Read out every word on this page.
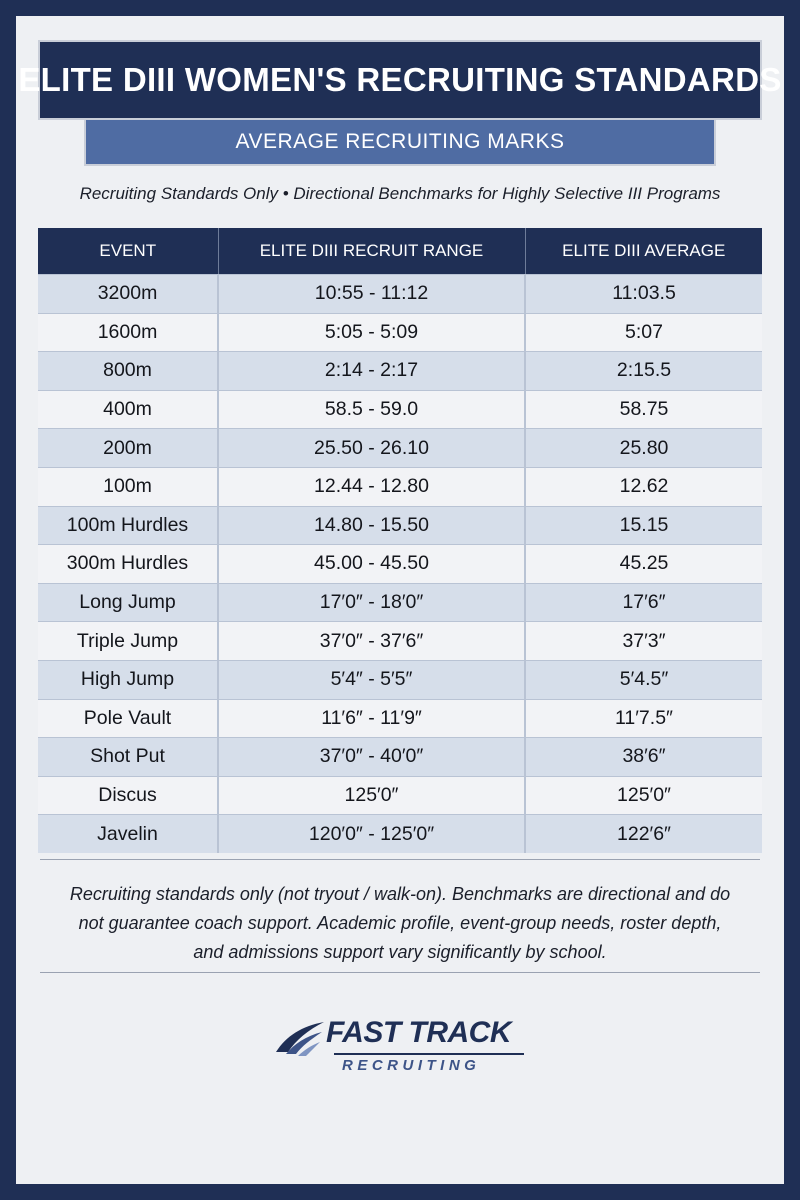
ELITE DIII WOMEN'S RECRUITING STANDARDS
AVERAGE RECRUITING MARKS
Recruiting Standards Only • Directional Benchmarks for Highly Selective III Programs
EVENT	ELITE DIII RECRUIT RANGE	ELITE DIII AVERAGE
3200m	10:55 - 11:12	11:03.5
1600m	5:05 - 5:09	5:07
800m	2:14 - 2:17	2:15.5
400m	58.5 - 59.0	58.75
200m	25.50 - 26.10	25.80
100m	12.44 - 12.80	12.62
100m Hurdles	14.80 - 15.50	15.15
300m Hurdles	45.00 - 45.50	45.25
Long Jump	17′0″ - 18′0″	17′6″
Triple Jump	37′0″ - 37′6″	37′3″
High Jump	5′4″ - 5′5″	5′4.5″
Pole Vault	11′6″ - 11′9″	11′7.5″
Shot Put	37′0″ - 40′0″	38′6″
Discus	125′0″	125′0″
Javelin	120′0″ - 125′0″	122′6″
Recruiting standards only (not tryout / walk-on). Benchmarks are directional and do not guarantee coach support. Academic profile, event-group needs, roster depth, and admissions support vary significantly by school.
FAST TRACK
RECRUITING
